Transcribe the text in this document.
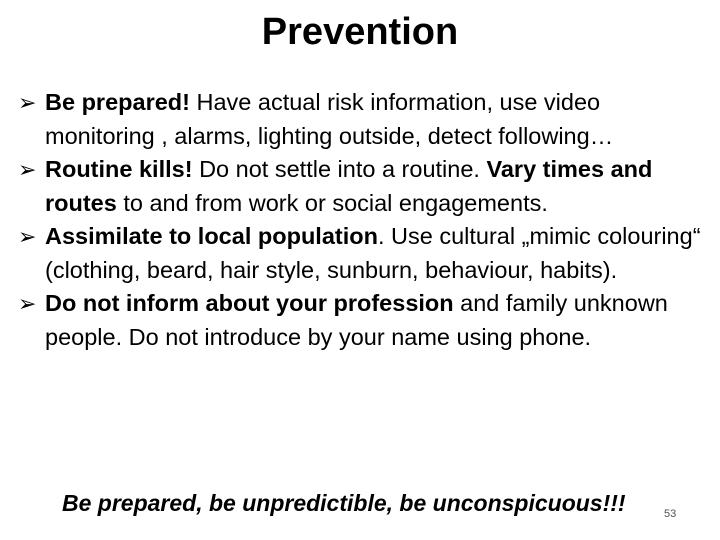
Prevention
➢ Be prepared! Have actual risk information, use video monitoring , alarms, lighting outside, detect following…
➢ Routine kills! Do not settle into a routine. Vary times and routes to and from work or social engagements.
➢ Assimilate to local population. Use cultural „mimic colouring“ (clothing, beard, hair style, sunburn, behaviour, habits).
➢ Do not inform about your profession and family unknown people. Do not introduce by your name using phone.
Be prepared, be unpredictible, be unconspicuous!!!	53
